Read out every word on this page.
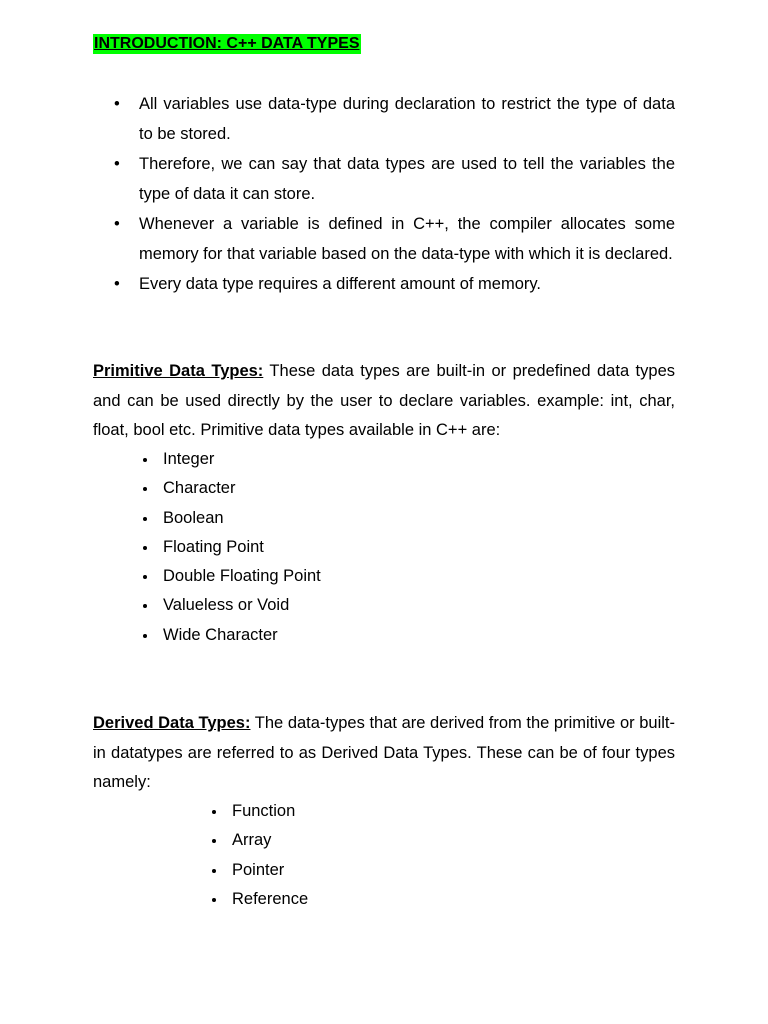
INTRODUCTION: C++ DATA TYPES
• All variables use data-type during declaration to restrict the type of data to be stored.
• Therefore, we can say that data types are used to tell the variables the type of data it can store.
• Whenever a variable is defined in C++, the compiler allocates some memory for that variable based on the data-type with which it is declared.
• Every data type requires a different amount of memory.

Primitive Data Types: These data types are built-in or predefined data types and can be used directly by the user to declare variables. example: int, char, float, bool etc. Primitive data types available in C++ are:

Integer
Character
Boolean
Floating Point
Double Floating Point
Valueless or Void
Wide Character

Derived Data Types: The data-types that are derived from the primitive or built-in datatypes are referred to as Derived Data Types. These can be of four types namely:

Function
Array
Pointer
Reference
